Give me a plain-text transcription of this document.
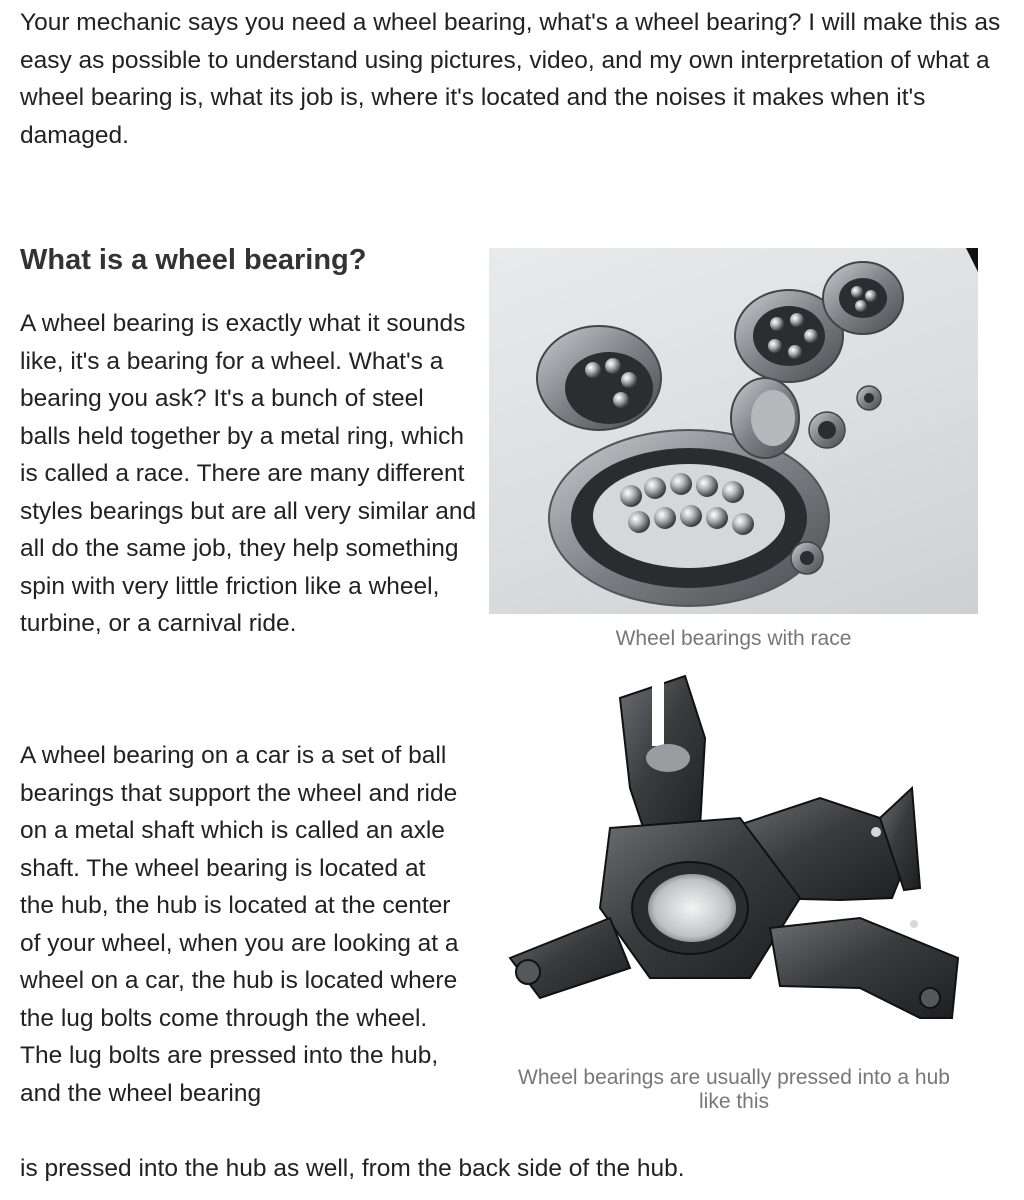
Your mechanic says you need a wheel bearing, what's a wheel bearing? I will make this as easy as possible to understand using pictures, video, and my own interpretation of what a wheel bearing is, what its job is, where it's located and the noises it makes when it's damaged.

What is a wheel bearing?

A wheel bearing is exactly what it sounds like, it's a bearing for a wheel. What's a bearing you ask? It's a bunch of steel balls held together by a metal ring, which is called a race. There are many different styles bearings but are all very similar and all do the same job, they help something spin with very little friction like a wheel, turbine, or a carnival ride.

A wheel bearing on a car is a set of ball bearings that support the wheel and ride on a metal shaft which is called an axle shaft. The wheel bearing is located at the hub, the hub is located at the center of your wheel, when you are looking at a wheel on a car, the hub is located where the lug bolts come through the wheel. The lug bolts are pressed into the hub, and the wheel bearing

is pressed into the hub as well, from the back side of the hub.

Wheel bearings with race

Wheel bearings are usually pressed into a hub like this
